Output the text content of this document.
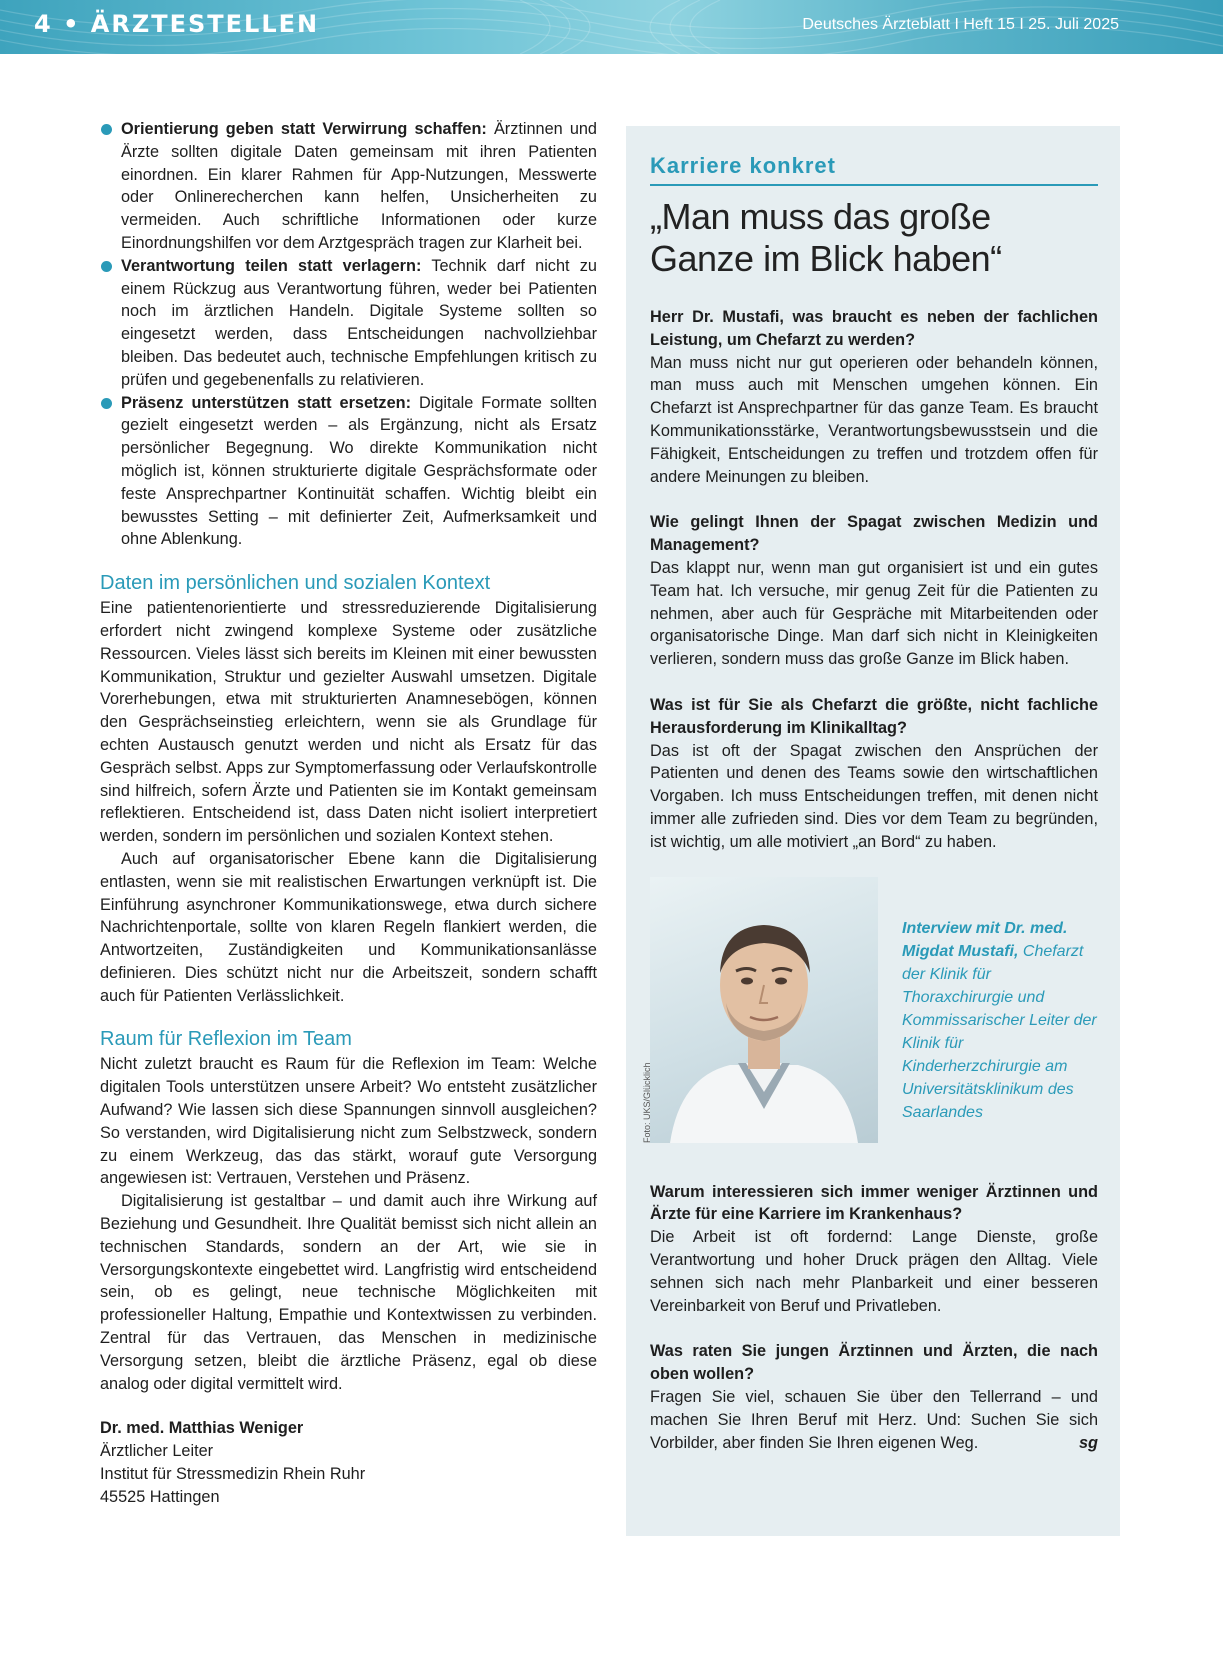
4 • ÄRZTESTELLEN	Deutsches Ärzteblatt I Heft 15 I 25. Juli 2025

Orientierung geben statt Verwirrung schaffen: Ärztinnen und Ärzte sollten digitale Daten gemeinsam mit ihren Patienten einordnen. Ein klarer Rahmen für App-Nutzungen, Messwerte oder Onlinerecherchen kann helfen, Unsicherheiten zu vermeiden. Auch schriftliche Informationen oder kurze Einordnungshilfen vor dem Arztgespräch tragen zur Klarheit bei.

Verantwortung teilen statt verlagern: Technik darf nicht zu einem Rückzug aus Verantwortung führen, weder bei Patienten noch im ärztlichen Handeln. Digitale Systeme sollten so eingesetzt werden, dass Entscheidungen nachvollziehbar bleiben. Das bedeutet auch, technische Empfehlungen kritisch zu prüfen und gegebenenfalls zu relativieren.

Präsenz unterstützen statt ersetzen: Digitale Formate sollten gezielt eingesetzt werden – als Ergänzung, nicht als Ersatz persönlicher Begegnung. Wo direkte Kommunikation nicht möglich ist, können strukturierte digitale Gesprächsformate oder feste Ansprechpartner Kontinuität schaffen. Wichtig bleibt ein bewusstes Setting – mit definierter Zeit, Aufmerksamkeit und ohne Ablenkung.

Daten im persönlichen und sozialen Kontext

Eine patientenorientierte und stressreduzierende Digitalisierung erfordert nicht zwingend komplexe Systeme oder zusätzliche Ressourcen. Vieles lässt sich bereits im Kleinen mit einer bewussten Kommunikation, Struktur und gezielter Auswahl umsetzen. Digitale Vorerhebungen, etwa mit strukturierten Anamnesebögen, können den Gesprächseinstieg erleichtern, wenn sie als Grundlage für echten Austausch genutzt werden und nicht als Ersatz für das Gespräch selbst. Apps zur Symptomerfassung oder Verlaufskontrolle sind hilfreich, sofern Ärzte und Patienten sie im Kontakt gemeinsam reflektieren. Entscheidend ist, dass Daten nicht isoliert interpretiert werden, sondern im persönlichen und sozialen Kontext stehen.

Auch auf organisatorischer Ebene kann die Digitalisierung entlasten, wenn sie mit realistischen Erwartungen verknüpft ist. Die Einführung asynchroner Kommunikationswege, etwa durch sichere Nachrichtenportale, sollte von klaren Regeln flankiert werden, die Antwortzeiten, Zuständigkeiten und Kommunikationsanlässe definieren. Dies schützt nicht nur die Arbeitszeit, sondern schafft auch für Patienten Verlässlichkeit.

Raum für Reflexion im Team

Nicht zuletzt braucht es Raum für die Reflexion im Team: Welche digitalen Tools unterstützen unsere Arbeit? Wo entsteht zusätzlicher Aufwand? Wie lassen sich diese Spannungen sinnvoll ausgleichen? So verstanden, wird Digitalisierung nicht zum Selbstzweck, sondern zu einem Werkzeug, das das stärkt, worauf gute Versorgung angewiesen ist: Vertrauen, Verstehen und Präsenz.

Digitalisierung ist gestaltbar – und damit auch ihre Wirkung auf Beziehung und Gesundheit. Ihre Qualität bemisst sich nicht allein an technischen Standards, sondern an der Art, wie sie in Versorgungskontexte eingebettet wird. Langfristig wird entscheidend sein, ob es gelingt, neue technische Möglichkeiten mit professioneller Haltung, Empathie und Kontextwissen zu verbinden. Zentral für das Vertrauen, das Menschen in medizinische Versorgung setzen, bleibt die ärztliche Präsenz, egal ob diese analog oder digital vermittelt wird.

Dr. med. Matthias Weniger
Ärztlicher Leiter
Institut für Stressmedizin Rhein Ruhr
45525 Hattingen
Karriere konkret
„Man muss das große Ganze im Blick haben“
Herr Dr. Mustafi, was braucht es neben der fachlichen Leistung, um Chefarzt zu werden?
Man muss nicht nur gut operieren oder behandeln können, man muss auch mit Menschen umgehen können. Ein Chefarzt ist Ansprechpartner für das ganze Team. Es braucht Kommunikationsstärke, Verantwortungsbewusstsein und die Fähigkeit, Entscheidungen zu treffen und trotzdem offen für andere Meinungen zu bleiben.
Wie gelingt Ihnen der Spagat zwischen Medizin und Management?
Das klappt nur, wenn man gut organisiert ist und ein gutes Team hat. Ich versuche, mir genug Zeit für die Patienten zu nehmen, aber auch für Gespräche mit Mitarbeitenden oder organisatorische Dinge. Man darf sich nicht in Kleinigkeiten verlieren, sondern muss das große Ganze im Blick haben.
Was ist für Sie als Chefarzt die größte, nicht fachliche Herausforderung im Klinikalltag?
Das ist oft der Spagat zwischen den Ansprüchen der Patienten und denen des Teams sowie den wirtschaftlichen Vorgaben. Ich muss Entscheidungen treffen, mit denen nicht immer alle zufrieden sind. Dies vor dem Team zu begründen, ist wichtig, um alle motiviert „an Bord“ zu haben.
Foto: UKS/Glücklich
Interview mit Dr. med. Migdat Mustafi, Chefarzt der Klinik für Thoraxchirurgie und Kommissarischer Leiter der Klinik für Kinderherzchirurgie am Universitätsklinikum des Saarlandes
Warum interessieren sich immer weniger Ärztinnen und Ärzte für eine Karriere im Krankenhaus?
Die Arbeit ist oft fordernd: Lange Dienste, große Verantwortung und hoher Druck prägen den Alltag. Viele sehnen sich nach mehr Planbarkeit und einer besseren Vereinbarkeit von Beruf und Privatleben.
Was raten Sie jungen Ärztinnen und Ärzten, die nach oben wollen?
Fragen Sie viel, schauen Sie über den Tellerrand – und machen Sie Ihren Beruf mit Herz. Und: Suchen Sie sich Vorbilder, aber finden Sie Ihren eigenen Weg.	sg
